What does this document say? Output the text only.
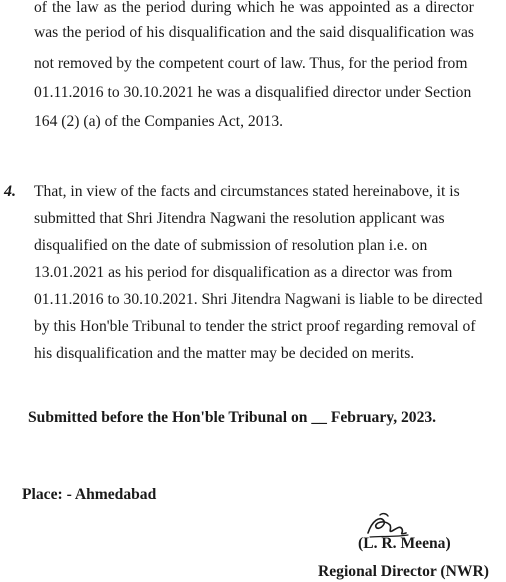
of the law as the period during which he was appointed as a director
was the period of his disqualification and the said disqualification was
not removed by the competent court of law. Thus, for the period from
01.11.2016 to 30.10.2021 he was a disqualified director under Section
164 (2) (a) of the Companies Act, 2013.
4. That, in view of the facts and circumstances stated hereinabove, it is
submitted that Shri Jitendra Nagwani the resolution applicant was
disqualified on the date of submission of resolution plan i.e. on
13.01.2021 as his period for disqualification as a director was from
01.11.2016 to 30.10.2021. Shri Jitendra Nagwani is liable to be directed
by this Hon'ble Tribunal to tender the strict proof regarding removal of
his disqualification and the matter may be decided on merits.
Submitted before the Hon'ble Tribunal on __ February, 2023.
Place: - Ahmedabad
(L. R. Meena)
Regional Director (NWR)
